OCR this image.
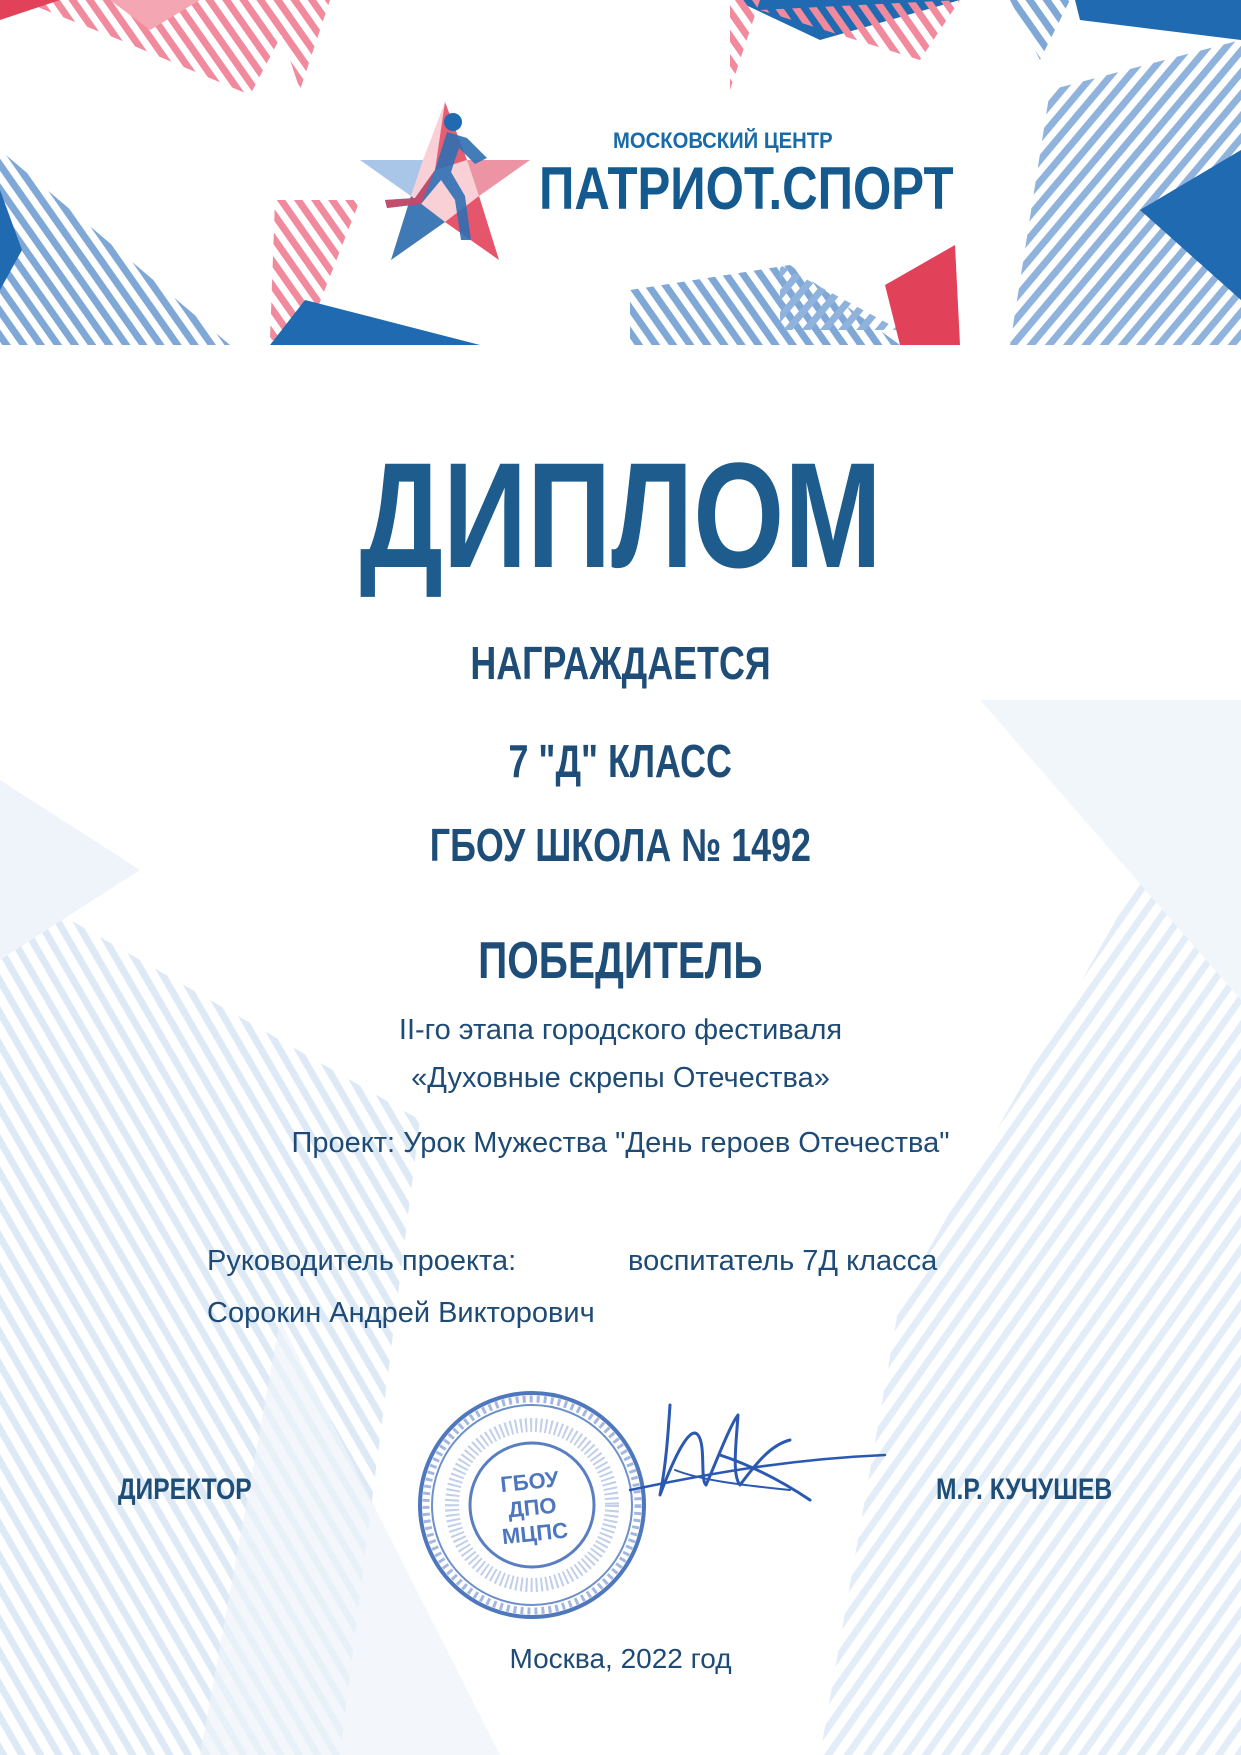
МОСКОВСКИЙ ЦЕНТР
ПАТРИОТ.СПОРТ
ДИПЛОМ
НАГРАЖДАЕТСЯ
7 "Д" КЛАСС
ГБОУ ШКОЛА № 1492
ПОБЕДИТЕЛЬ
II-го этапа городского фестиваля
«Духовные скрепы Отечества»
Проект: Урок Мужества "День героев Отечества"
Руководитель проекта:	воспитатель 7Д класса
Сорокин Андрей Викторович
ГБОУ
ДПО
МЦПС
ДИРЕКТОР	М.Р. КУЧУШЕВ
Москва, 2022 год
